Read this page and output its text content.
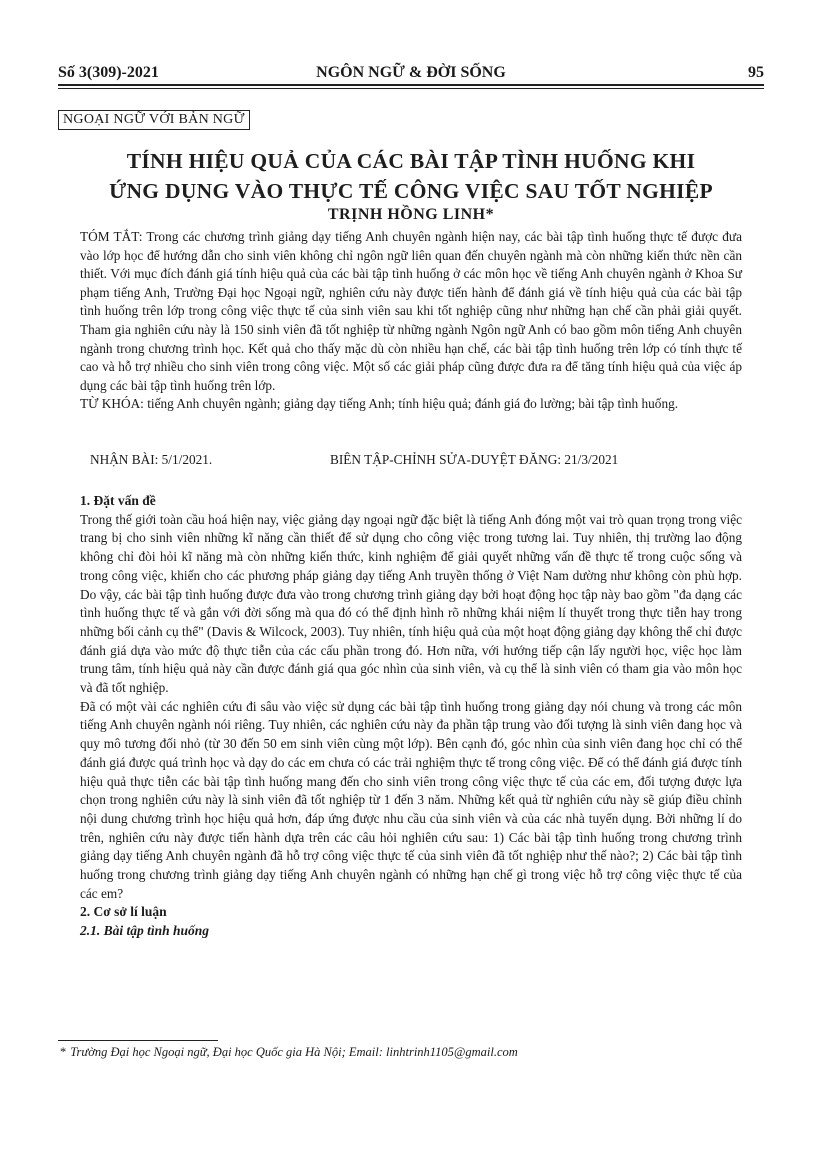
Số 3(309)-2021	NGÔN NGỮ & ĐỜI SỐNG	95
NGOẠI NGỮ VỚI BẢN NGỮ
TÍNH HIỆU QUẢ CỦA CÁC BÀI TẬP TÌNH HUỐNG KHI
ỨNG DỤNG VÀO THỰC TẾ CÔNG VIỆC SAU TỐT NGHIỆP
TRỊNH HỒNG LINH*

TÓM TẮT: Trong các chương trình giảng dạy tiếng Anh chuyên ngành hiện nay, các bài tập tình huống thực tế được đưa vào lớp học để hướng dẫn cho sinh viên không chỉ ngôn ngữ liên quan đến chuyên ngành mà còn những kiến thức nền cần thiết. Với mục đích đánh giá tính hiệu quả của các bài tập tình huống ở các môn học về tiếng Anh chuyên ngành ở Khoa Sư phạm tiếng Anh, Trường Đại học Ngoại ngữ, nghiên cứu này được tiến hành để đánh giá về tính hiệu quả của các bài tập tình huống trên lớp trong công việc thực tế của sinh viên sau khi tốt nghiệp cũng như những hạn chế cần phải giải quyết. Tham gia nghiên cứu này là 150 sinh viên đã tốt nghiệp từ những ngành Ngôn ngữ Anh có bao gồm môn tiếng Anh chuyên ngành trong chương trình học. Kết quả cho thấy mặc dù còn nhiều hạn chế, các bài tập tình huống trên lớp có tính thực tế cao và hỗ trợ nhiều cho sinh viên trong công việc. Một số các giải pháp cũng được đưa ra để tăng tính hiệu quả của việc áp dụng các bài tập tình huống trên lớp.

TỪ KHÓA: tiếng Anh chuyên ngành; giảng dạy tiếng Anh; tính hiệu quả; đánh giá đo lường; bài tập tình huống.

NHẬN BÀI: 5/1/2021.	BIÊN TẬP-CHỈNH SỬA-DUYỆT ĐĂNG: 21/3/2021
1. Đặt vấn đề

Trong thế giới toàn cầu hoá hiện nay, việc giảng dạy ngoại ngữ đặc biệt là tiếng Anh đóng một vai trò quan trọng trong việc trang bị cho sinh viên những kĩ năng cần thiết để sử dụng cho công việc trong tương lai. Tuy nhiên, thị trường lao động không chỉ đòi hỏi kĩ năng mà còn những kiến thức, kinh nghiệm để giải quyết những vấn đề thực tế trong cuộc sống và trong công việc, khiến cho các phương pháp giảng dạy tiếng Anh truyền thống ở Việt Nam dường như không còn phù hợp. Do vậy, các bài tập tình huống được đưa vào trong chương trình giảng dạy bởi hoạt động học tập này bao gồm "đa dạng các tình huống thực tế và gắn với đời sống mà qua đó có thể định hình rõ những khái niệm lí thuyết trong thực tiễn hay trong những bối cảnh cụ thể" (Davis & Wilcock, 2003). Tuy nhiên, tính hiệu quả của một hoạt động giảng dạy không thể chỉ được đánh giá dựa vào mức độ thực tiễn của các cấu phần trong đó. Hơn nữa, với hướng tiếp cận lấy người học, việc học làm trung tâm, tính hiệu quả này cần được đánh giá qua góc nhìn của sinh viên, và cụ thể là sinh viên có tham gia vào môn học và đã tốt nghiệp.

Đã có một vài các nghiên cứu đi sâu vào việc sử dụng các bài tập tình huống trong giảng dạy nói chung và trong các môn tiếng Anh chuyên ngành nói riêng. Tuy nhiên, các nghiên cứu này đa phần tập trung vào đối tượng là sinh viên đang học và quy mô tương đối nhỏ (từ 30 đến 50 em sinh viên cùng một lớp). Bên cạnh đó, góc nhìn của sinh viên đang học chỉ có thể đánh giá được quá trình học và dạy do các em chưa có các trải nghiệm thực tế trong công việc. Để có thể đánh giá được tính hiệu quả thực tiễn các bài tập tình huống mang đến cho sinh viên trong công việc thực tế của các em, đối tượng được lựa chọn trong nghiên cứu này là sinh viên đã tốt nghiệp từ 1 đến 3 năm. Những kết quả từ nghiên cứu này sẽ giúp điều chỉnh nội dung chương trình học hiệu quả hơn, đáp ứng được nhu cầu của sinh viên và của các nhà tuyển dụng. Bởi những lí do trên, nghiên cứu này được tiến hành dựa trên các câu hỏi nghiên cứu sau: 1) Các bài tập tình huống trong chương trình giảng dạy tiếng Anh chuyên ngành đã hỗ trợ công việc thực tế của sinh viên đã tốt nghiệp như thế nào?; 2) Các bài tập tình huống trong chương trình giảng dạy tiếng Anh chuyên ngành có những hạn chế gì trong việc hỗ trợ công việc thực tế của các em?

2. Cơ sở lí luận
2.1. Bài tập tình huống
* Trường Đại học Ngoại ngữ, Đại học Quốc gia Hà Nội; Email: linhtrinh1105@gmail.com
